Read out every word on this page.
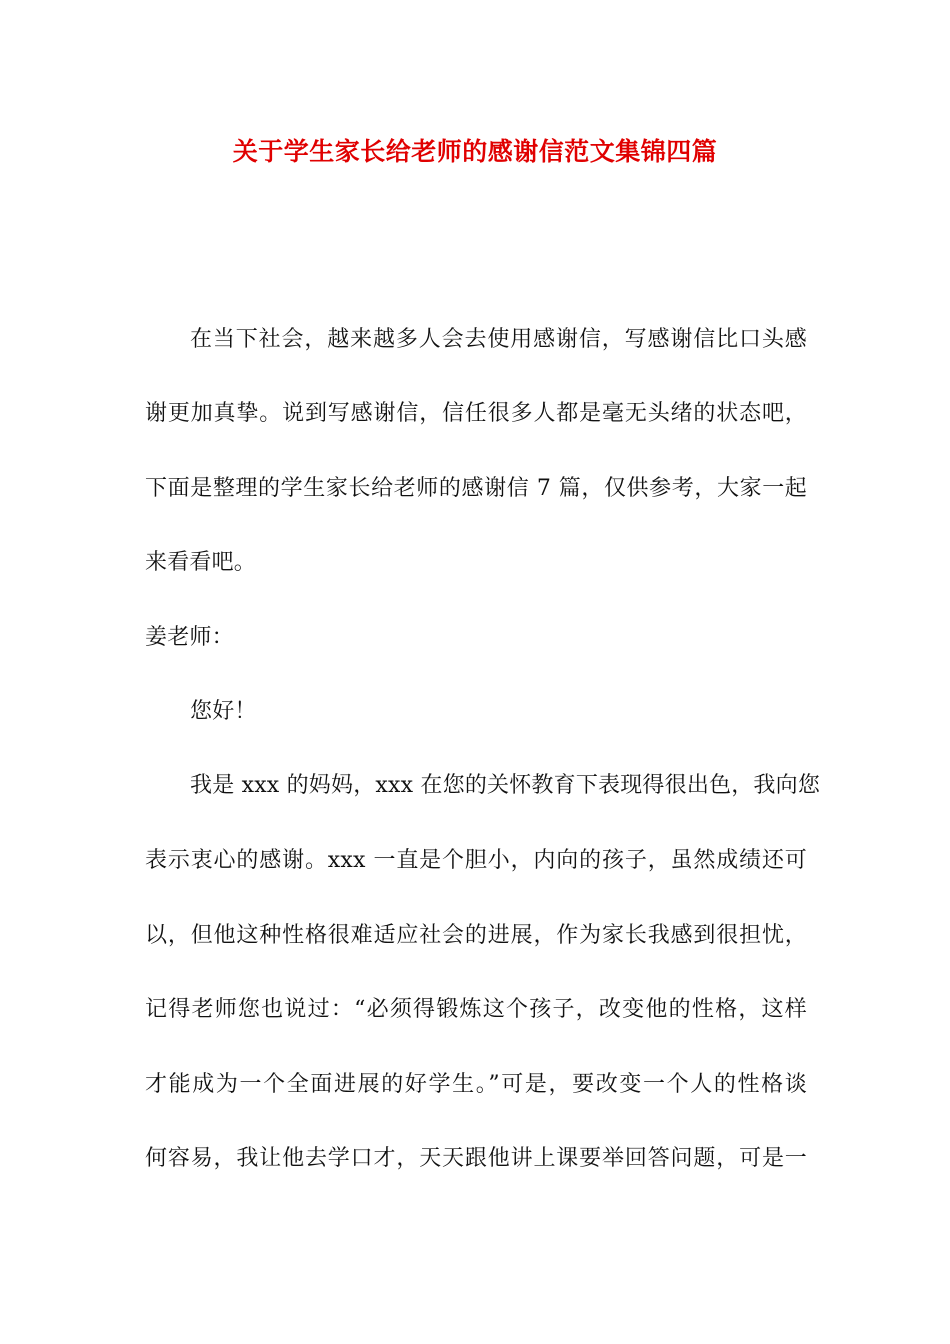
关于学生家长给老师的感谢信范文集锦四篇
在当下社会，越来越多人会去使用感谢信，写感谢信比口头感
谢更加真挚。说到写感谢信，信任很多人都是毫无头绪的状态吧，
下面是整理的学生家长给老师的感谢信 7 篇，仅供参考，大家一起
来看看吧。
姜老师：
您好！
我是 xxx 的妈妈，xxx 在您的关怀教育下表现得很出色，我向您
表示衷心的感谢。xxx 一直是个胆小，内向的孩子，虽然成绩还可
以，但他这种性格很难适应社会的进展，作为家长我感到很担忧，
记得老师您也说过：“必须得锻炼这个孩子，改变他的性格，这样
才能成为一个全面进展的好学生。”可是，要改变一个人的性格谈
何容易，我让他去学口才，天天跟他讲上课要举回答问题，可是一
